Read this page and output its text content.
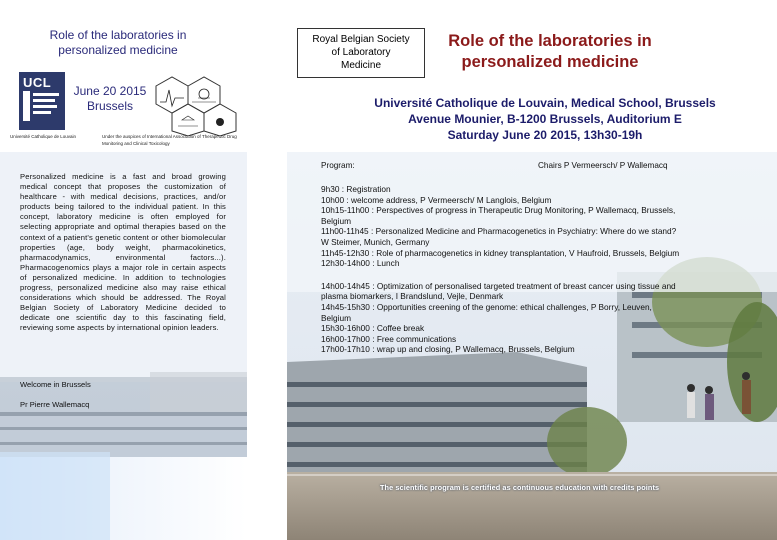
Role of the laboratories in
personalized medicine
UCL
June 20 2015
Brussels
Université Catholique de Louvain	Under the auspices of International Association of Therapeutic Drug Monitoring and Clinical Toxicology
Personalized medicine is a fast and broad growing medical concept that proposes the customization of healthcare - with medical decisions, practices, and/or products being tailored to the individual patient. In this concept, laboratory medicine is often employed for selecting appropriate and optimal therapies based on the context of a patient's genetic content or other biomolecular properties (age, body weight, pharmacokinetics, pharmacodynamics, environmental factors...). Pharmacogenomics plays a major role in certain aspects of personalized medicine. In addition to technologies progress, personalized medicine also may raise ethical considerations which should be addressed. The Royal Belgian Society of Laboratory Medicine decided to dedicate one scientific day to this fascinating field, reviewing some aspects by international opinion leaders.
Welcome in Brussels
Pr Pierre Wallemacq
Royal Belgian Society
of Laboratory
Medicine
Role of the laboratories in
personalized medicine
Université Catholique de Louvain, Medical School, Brussels
Avenue Mounier, B-1200 Brussels, Auditorium E
Saturday June 20 2015, 13h30-19h
Program:	Chairs P Vermeersch/ P Wallemacq
9h30 : Registration
10h00 : welcome address, P Vermeersch/ M Langlois, Belgium
10h15-11h00 : Perspectives of progress in Therapeutic Drug Monitoring, P Wallemacq, Brussels,
Belgium
11h00-11h45 : Personalized Medicine and Pharmacogenetics in Psychiatry: Where do we stand?
W Steimer, Munich, Germany
11h45-12h30 : Role of pharmacogenetics in kidney transplantation, V Haufroid, Brussels, Belgium
12h30-14h00 : Lunch
14h00-14h45 : Optimization of personalised targeted treatment of breast cancer using tissue and
plasma biomarkers, I Brandslund, Vejle, Denmark
14h45-15h30 : Opportunities creening of the genome: ethical challenges, P Borry, Leuven,
Belgium
15h30-16h00 : Coffee break
16h00-17h00 : Free communications
17h00-17h10 : wrap up and closing, P Wallemacq, Brussels, Belgium
The scientific program is certified as continuous education with credits points
